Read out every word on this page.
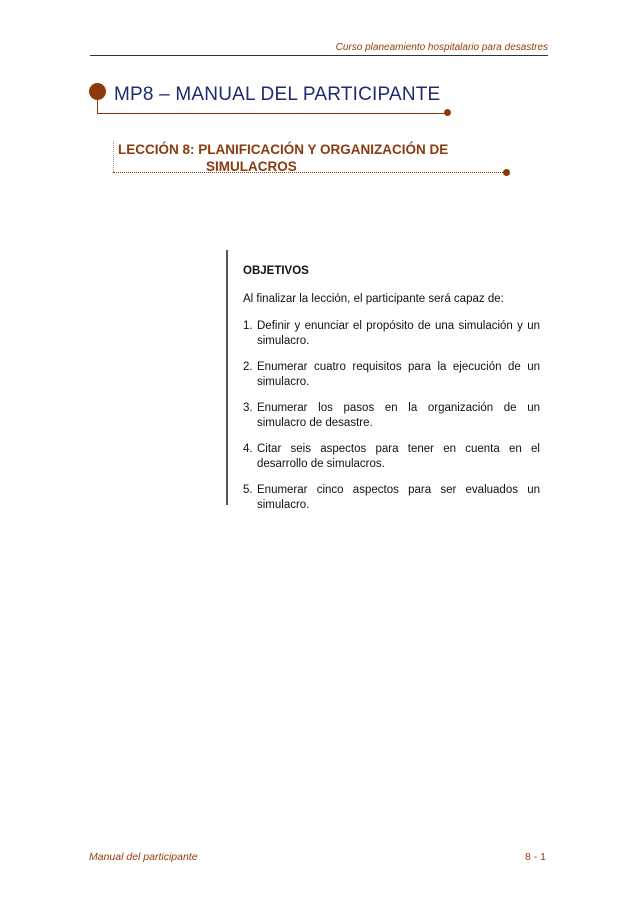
Curso planeamiento hospitalario para desastres
MP8 – MANUAL DEL PARTICIPANTE
LECCIÓN 8: PLANIFICACIÓN Y ORGANIZACIÓN DE
SIMULACROS
OBJETIVOS
Al finalizar la lección, el participante será capaz de:
1. Definir y enunciar el propósito de una simulación y un simulacro.
2. Enumerar cuatro requisitos para la ejecución de un simulacro.
3. Enumerar los pasos en la organización de un simulacro de desastre.
4. Citar seis aspectos para tener en cuenta en el desarrollo de simulacros.
5. Enumerar cinco aspectos para ser evaluados un simulacro.
Manual del participante	8 - 1
